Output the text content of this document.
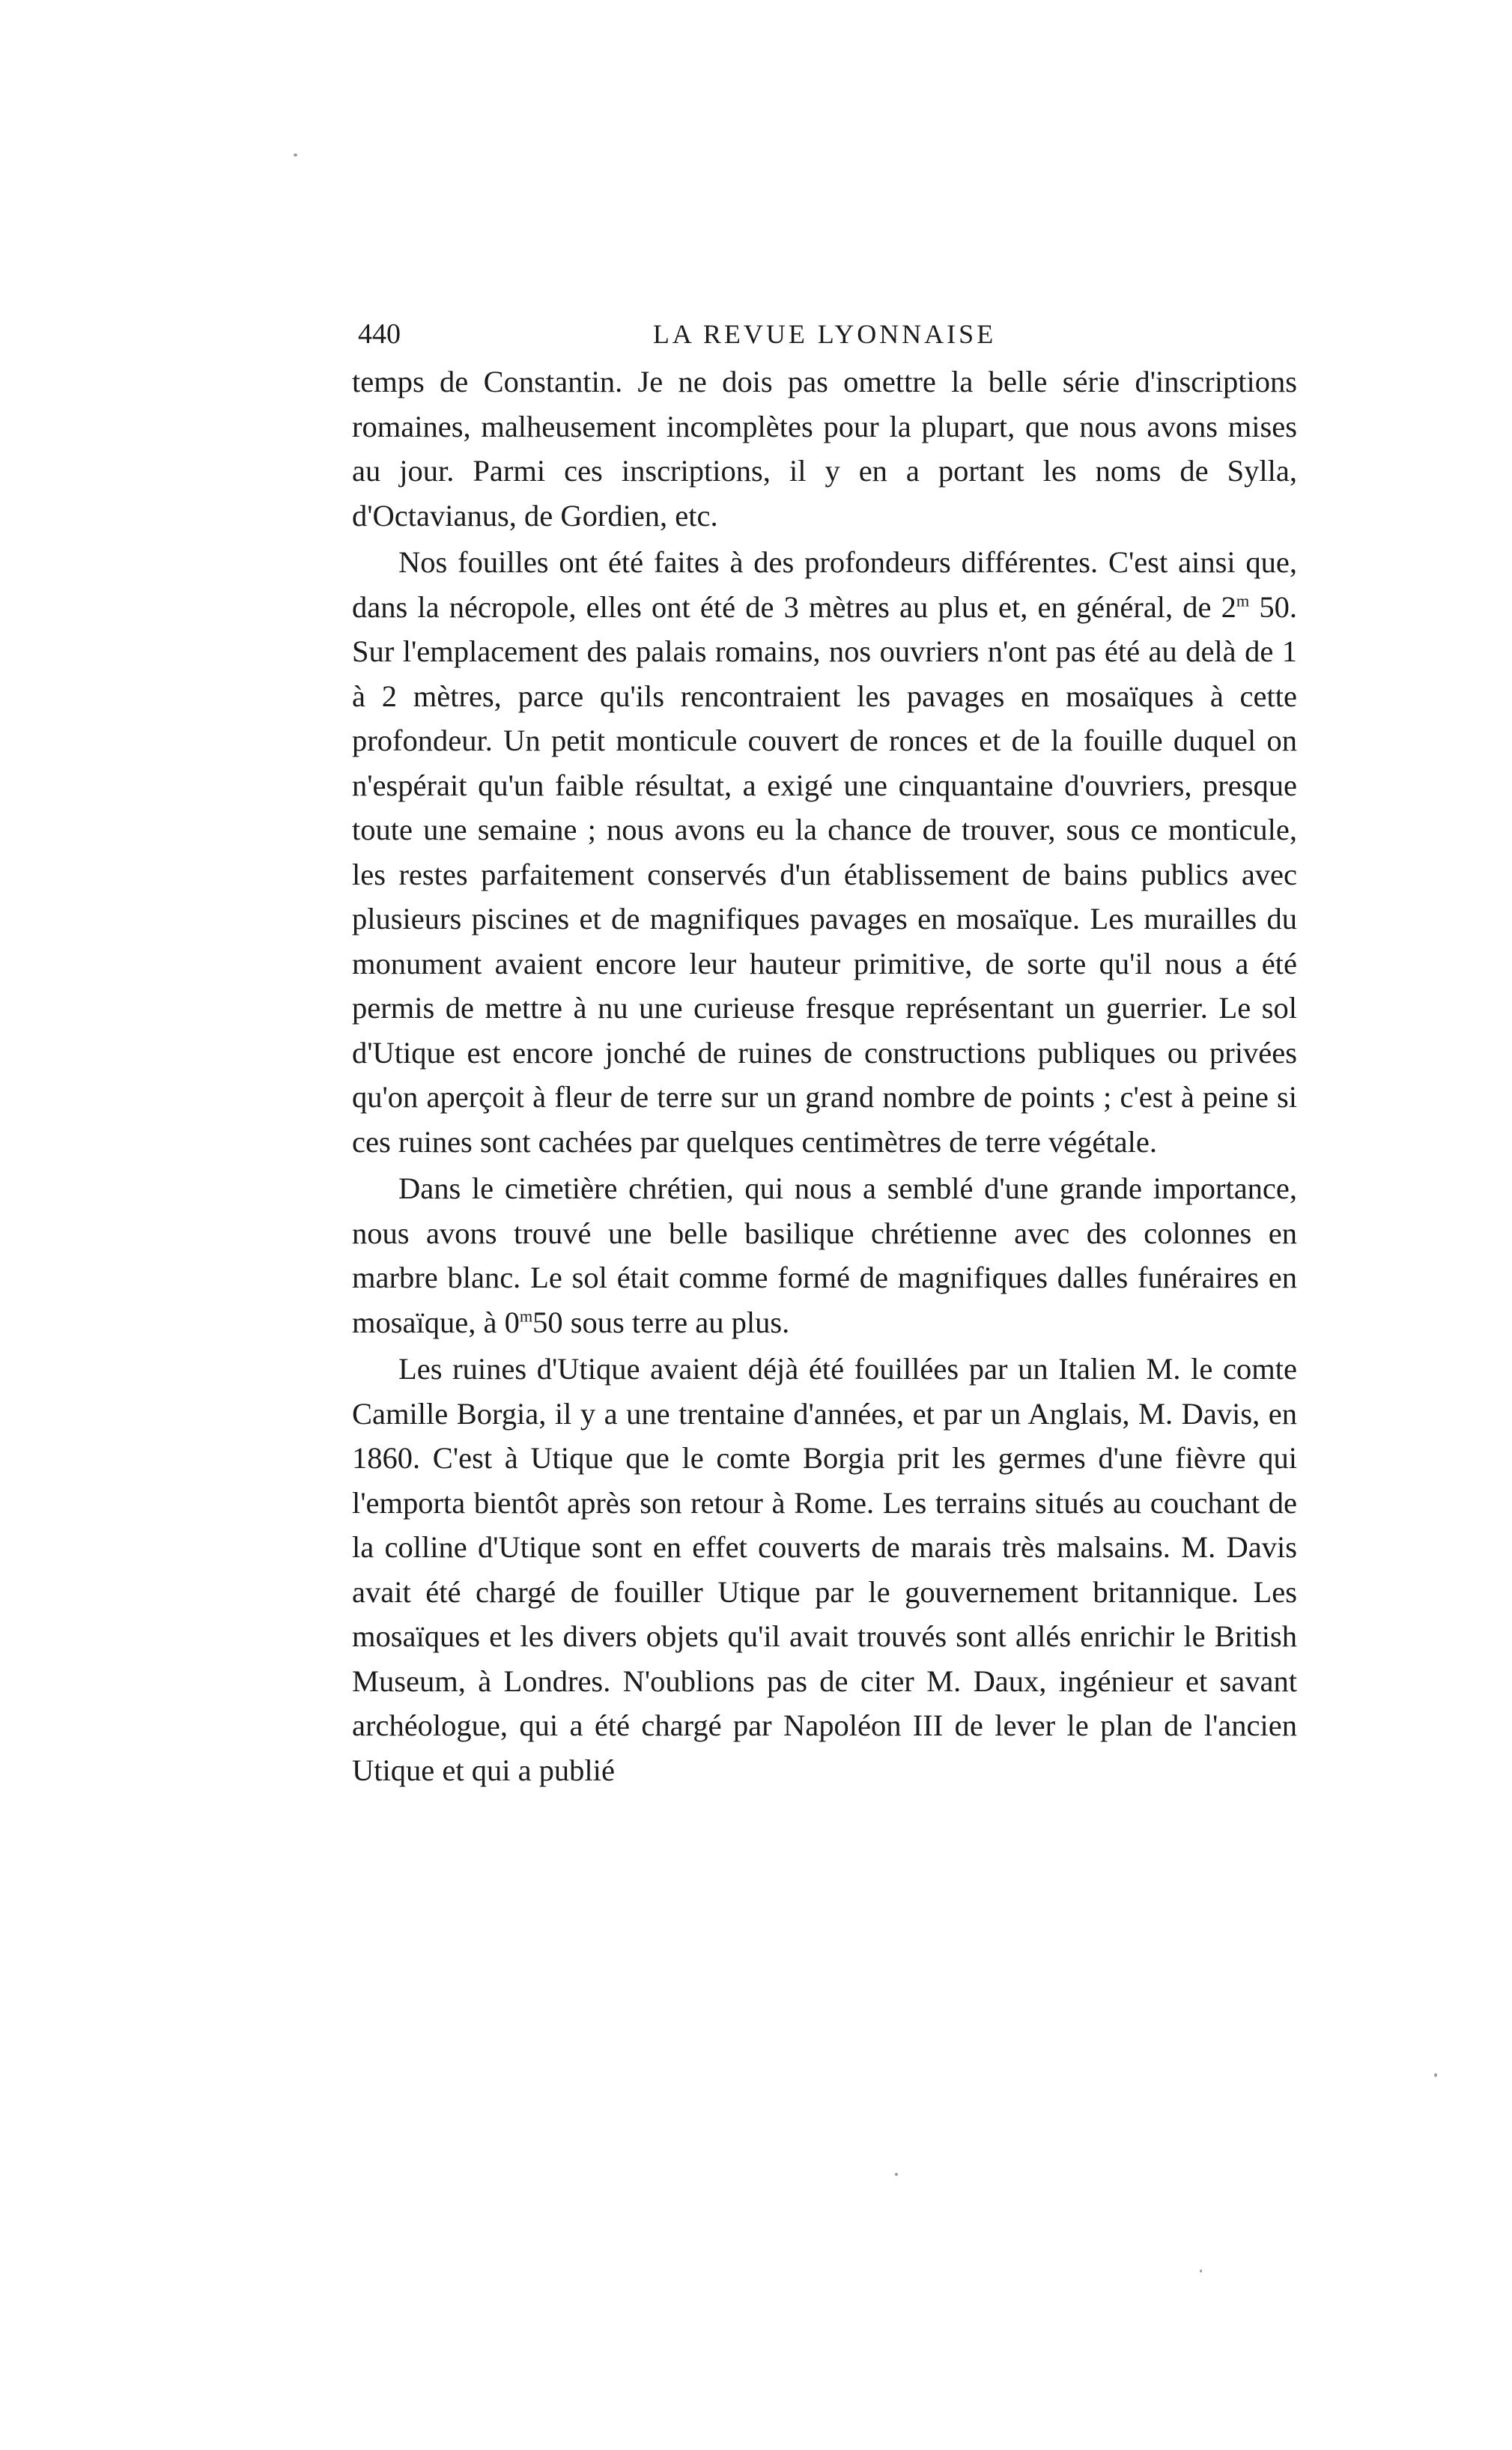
440	LA REVUE LYONNAISE

temps de Constantin. Je ne dois pas omettre la belle série d'inscriptions romaines, malheusement incomplètes pour la plupart, que nous avons mises au jour. Parmi ces inscriptions, il y en a portant les noms de Sylla, d'Octavianus, de Gordien, etc.

Nos fouilles ont été faites à des profondeurs différentes. C'est ainsi que, dans la nécropole, elles ont été de 3 mètres au plus et, en général, de 2$^m$ 50. Sur l'emplacement des palais romains, nos ouvriers n'ont pas été au delà de 1 à 2 mètres, parce qu'ils rencontraient les pavages en mosaïques à cette profondeur. Un petit monticule couvert de ronces et de la fouille duquel on n'espérait qu'un faible résultat, a exigé une cinquantaine d'ouvriers, presque toute une semaine ; nous avons eu la chance de trouver, sous ce monticule, les restes parfaitement conservés d'un établissement de bains publics avec plusieurs piscines et de magnifiques pavages en mosaïque. Les murailles du monument avaient encore leur hauteur primitive, de sorte qu'il nous a été permis de mettre à nu une curieuse fresque représentant un guerrier. Le sol d'Utique est encore jonché de ruines de constructions publiques ou privées qu'on aperçoit à fleur de terre sur un grand nombre de points ; c'est à peine si ces ruines sont cachées par quelques centimètres de terre végétale.

Dans le cimetière chrétien, qui nous a semblé d'une grande importance, nous avons trouvé une belle basilique chrétienne avec des colonnes en marbre blanc. Le sol était comme formé de magnifiques dalles funéraires en mosaïque, à 0$^m$50 sous terre au plus.

Les ruines d'Utique avaient déjà été fouillées par un Italien M. le comte Camille Borgia, il y a une trentaine d'années, et par un Anglais, M. Davis, en 1860. C'est à Utique que le comte Borgia prit les germes d'une fièvre qui l'emporta bientôt après son retour à Rome. Les terrains situés au couchant de la colline d'Utique sont en effet couverts de marais très malsains. M. Davis avait été chargé de fouiller Utique par le gouvernement britannique. Les mosaïques et les divers objets qu'il avait trouvés sont allés enrichir le British Museum, à Londres. N'oublions pas de citer M. Daux, ingénieur et savant archéologue, qui a été chargé par Napoléon III de lever le plan de l'ancien Utique et qui a publié
